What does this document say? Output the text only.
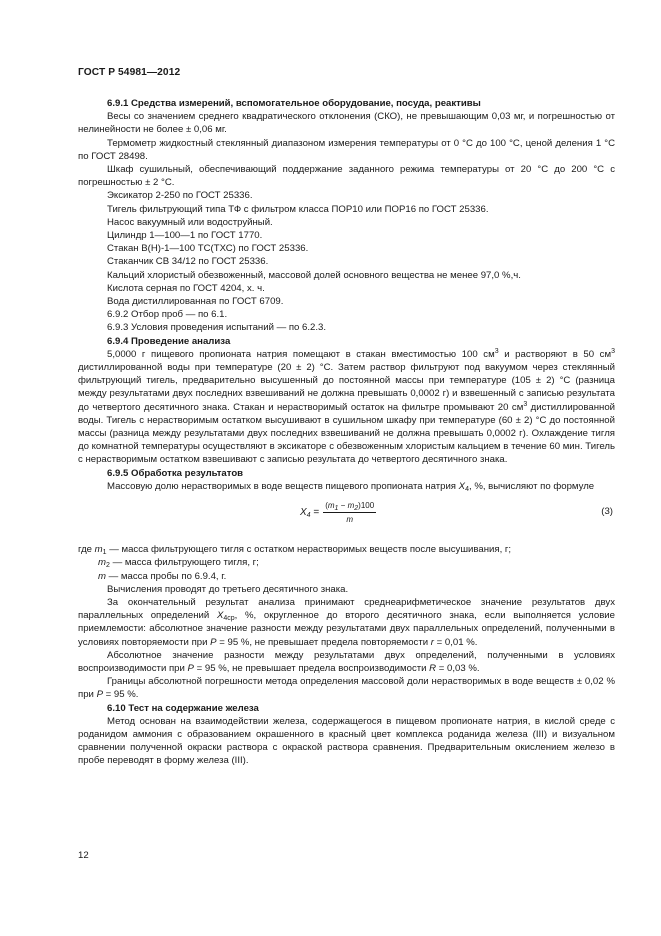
ГОСТ Р 54981—2012

6.9.1 Средства измерений, вспомогательное оборудование, посуда, реактивы

Весы со значением среднего квадратического отклонения (СКО), не превышающим 0,03 мг, и погрешностью от нелинейности не более ± 0,06 мг.

Термометр жидкостный стеклянный диапазоном измерения температуры от 0 °С до 100 °С, ценой деления 1 °С по ГОСТ 28498.

Шкаф сушильный, обеспечивающий поддержание заданного режима температуры от 20 °С до 200 °С с погрешностью ± 2 °С.

Эксикатор 2-250 по ГОСТ 25336.

Тигель фильтрующий типа ТФ с фильтром класса ПОР10 или ПОР16 по ГОСТ 25336.

Насос вакуумный или водоструйный.

Цилиндр 1—100—1 по ГОСТ 1770.

Стакан В(Н)-1—100 ТС(ТХС) по ГОСТ 25336.

Стаканчик СВ 34/12 по ГОСТ 25336.

Кальций хлористый обезвоженный, массовой долей основного вещества не менее 97,0 %,ч.

Кислота серная по ГОСТ 4204, х. ч.

Вода дистиллированная по ГОСТ 6709.

6.9.2 Отбор проб — по 6.1.

6.9.3 Условия проведения испытаний — по 6.2.3.

6.9.4 Проведение анализа

5,0000 г пищевого пропионата натрия помещают в стакан вместимостью 100 $см^3$ и растворяют в 50 $см^3$ дистиллированной воды при температуре (20 ± 2) °С. Затем раствор фильтруют под вакуумом через стеклянный фильтрующий тигель, предварительно высушенный до постоянной массы при температуре (105 ± 2) °С (разница между результатами двух последних взвешиваний не должна превышать 0,0002 г) и взвешенный с записью результата до четвертого десятичного знака. Стакан и нерастворимый остаток на фильтре промывают 20 $см^3$ дистиллированной воды. Тигель с нерастворимым остатком высушивают в сушильном шкафу при температуре (60 ± 2) °С до постоянной массы (разница между результатами двух последних взвешиваний не должна превышать 0,0002 г). Охлаждение тигля до комнатной температуры осуществляют в эксикаторе с обезвоженным хлористым кальцием в течение 60 мин. Тигель с нерастворимым остатком взвешивают с записью результата до четвертого десятичного знака.

6.9.5 Обработка результатов

Массовую долю нерастворимых в воде веществ пищевого пропионата натрия $X_4$, %, вычисляют по формуле

$X_4 = \frac{(m_1 - m_2)100}{m}$	(3)

где $m_1$ — масса фильтрующего тигля с остатком нерастворимых веществ после высушивания, г;

$m_2$ — масса фильтрующего тигля, г;

m — масса пробы по 6.9.4, г.

Вычисления проводят до третьего десятичного знака.

За окончательный результат анализа принимают среднеарифметическое значение результатов двух параллельных определений $X_{4ср}$, %, округленное до второго десятичного знака, если выполняется условие приемлемости: абсолютное значение разности между результатами двух параллельных определений, полученными в условиях повторяемости при P = 95 %, не превышает предела повторяемости r = 0,01 %.

Абсолютное значение разности между результатами двух определений, полученными в условиях воспроизводимости при P = 95 %, не превышает предела воспроизводимости R = 0,03 %.

Границы абсолютной погрешности метода определения массовой доли нерастворимых в воде веществ ± 0,02 % при P = 95 %.

6.10 Тест на содержание железа

Метод основан на взаимодействии железа, содержащегося в пищевом пропионате натрия, в кислой среде с роданидом аммония с образованием окрашенного в красный цвет комплекса роданида железа (III) и визуальном сравнении полученной окраски раствора с окраской раствора сравнения. Предварительным окислением железо в пробе переводят в форму железа (III).

12
